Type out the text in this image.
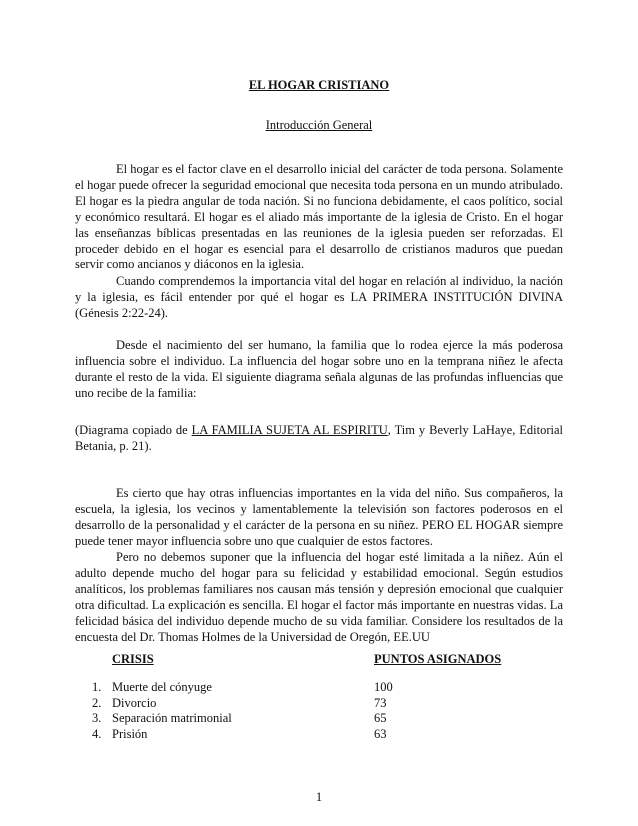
EL HOGAR CRISTIANO

Introducción General

El hogar es el factor clave en el desarrollo inicial del carácter de toda persona. Solamente el hogar puede ofrecer la seguridad emocional que necesita toda persona en un mundo atribulado. El hogar es la piedra angular de toda nación. Si no funciona debidamente, el caos político, social y económico resultará. El hogar es el aliado más importante de la iglesia de Cristo. En el hogar las enseñanzas bíblicas presentadas en las reuniones de la iglesia pueden ser reforzadas. El proceder debido en el hogar es esencial para el desarrollo de cristianos maduros que puedan servir como ancianos y diáconos en la iglesia.

Cuando comprendemos la importancia vital del hogar en relación al individuo, la nación y la iglesia, es fácil entender por qué el hogar es LA PRIMERA INSTITUCIÓN DIVINA (Génesis 2:22-24).

Desde el nacimiento del ser humano, la familia que lo rodea ejerce la más poderosa influencia sobre el individuo. La influencia del hogar sobre uno en la temprana niñez le afecta durante el resto de la vida. El siguiente diagrama señala algunas de las profundas influencias que uno recibe de la familia:

(Diagrama copiado de LA FAMILIA SUJETA AL ESPIRITU, Tim y Beverly LaHaye, Editorial Betania, p. 21).

Es cierto que hay otras influencias importantes en la vida del niño. Sus compañeros, la escuela, la iglesia, los vecinos y lamentablemente la televisión son factores poderosos en el desarrollo de la personalidad y el carácter de la persona en su niñez. PERO EL HOGAR siempre puede tener mayor influencia sobre uno que cualquier de estos factores.

Pero no debemos suponer que la influencia del hogar esté limitada a la niñez. Aún el adulto depende mucho del hogar para su felicidad y estabilidad emocional. Según estudios analíticos, los problemas familiares nos causan más tensión y depresión emocional que cualquier otra dificultad. La explicación es sencilla. El hogar el factor más importante en nuestras vidas. La felicidad básica del individuo depende mucho de su vida familiar. Considere los resultados de la encuesta del Dr. Thomas Holmes de la Universidad de Oregón, EE.UU

CRISIS	PUNTOS ASIGNADOS

1. Muerte del cónyuge	100
2. Divorcio	73
3. Separación matrimonial	65
4. Prisión	63
1
